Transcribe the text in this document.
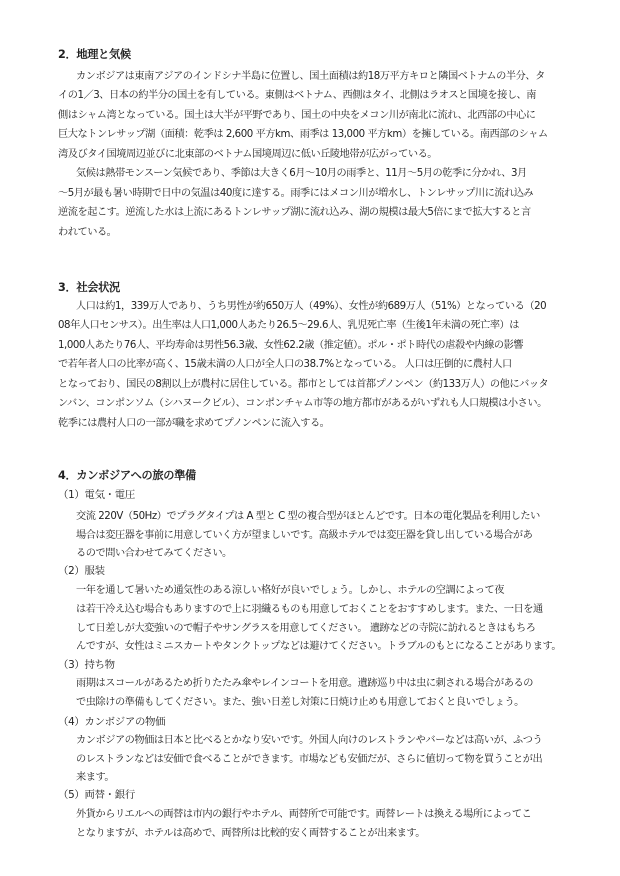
2．地理と気候
カンボジアは東南アジアのインドシナ半島に位置し、国土面積は約18万平方キロと隣国ベトナムの半分、タ
イの1／3、日本の約半分の国土を有している。東側はベトナム、西側はタイ、北側はラオスと国境を接し、南
側はシャム湾となっている。国土は大半が平野であり、国土の中央をメコン川が南北に流れ、北西部の中心に
巨大なトンレサップ湖（面積：乾季は 2,600 平方km、雨季は 13,000 平方km）を擁している。南西部のシャム
湾及びタイ国境周辺並びに北東部のベトナム国境周辺に低い丘陵地帯が広がっている。
気候は熱帯モンスーン気候であり、季節は大きく6月～10月の雨季と、11月～5月の乾季に分かれ、3月
～5月が最も暑い時期で日中の気温は40度に達する。雨季にはメコン川が増水し、トンレサップ川に流れ込み
逆流を起こす。逆流した水は上流にあるトンレサップ湖に流れ込み、湖の規模は最大5倍にまで拡大すると言
われている。
3．社会状況
人口は約1，339万人であり、うち男性が約650万人（49%）、女性が約689万人（51%）となっている（20
08年人口センサス）。出生率は人口1,000人あたり26.5～29.6人、乳児死亡率（生後1年未満の死亡率）は
1,000人あたり76人、平均寿命は男性56.3歳、女性62.2歳（推定値）。ポル・ポト時代の虐殺や内線の影響
で若年者人口の比率が高く、15歳未満の人口が全人口の38.7%となっている。 人口は圧倒的に農村人口
となっており、国民の8割以上が農村に居住している。都市としては首都プノンペン（約133万人）の他にバッタ
ンバン、コンポンソム（シハヌークビル）、コンポンチャム市等の地方都市があるがいずれも人口規模は小さい。
乾季には農村人口の一部が職を求めてプノンペンに流入する。
4．カンボジアへの旅の準備
（1）電気・電圧
交流 220V（50Hz）でプラグタイプは A 型と C 型の複合型がほとんどです。日本の電化製品を利用したい
場合は変圧器を事前に用意していく方が望ましいです。高級ホテルでは変圧器を貸し出している場合があ
るので問い合わせてみてください。
（2）服装
一年を通して暑いため通気性のある涼しい格好が良いでしょう。しかし、ホテルの空調によって夜
は若干冷え込む場合もありますので上に羽織るものも用意しておくことをおすすめします。また、一日を通
して日差しが大変強いので帽子やサングラスを用意してください。 遺跡などの寺院に訪れるときはもちろ
んですが、女性はミニスカートやタンクトップなどは避けてください。トラブルのもとになることがあります。
（3）持ち物
雨期はスコールがあるため折りたたみ傘やレインコートを用意。遺跡巡り中は虫に刺される場合があるの
で虫除けの準備もしてください。また、強い日差し対策に日焼け止めも用意しておくと良いでしょう。
（4）カンボジアの物価
カンボジアの物価は日本と比べるとかなり安いです。外国人向けのレストランやバーなどは高いが、ふつう
のレストランなどは安価で食べることができます。市場なども安価だが、さらに値切って物を買うことが出
来ます。
（5）両替・銀行
外貨からリエルへの両替は市内の銀行やホテル、両替所で可能です。両替レートは換える場所によってこ
となりますが、ホテルは高めで、両替所は比較的安く両替することが出来ます。
